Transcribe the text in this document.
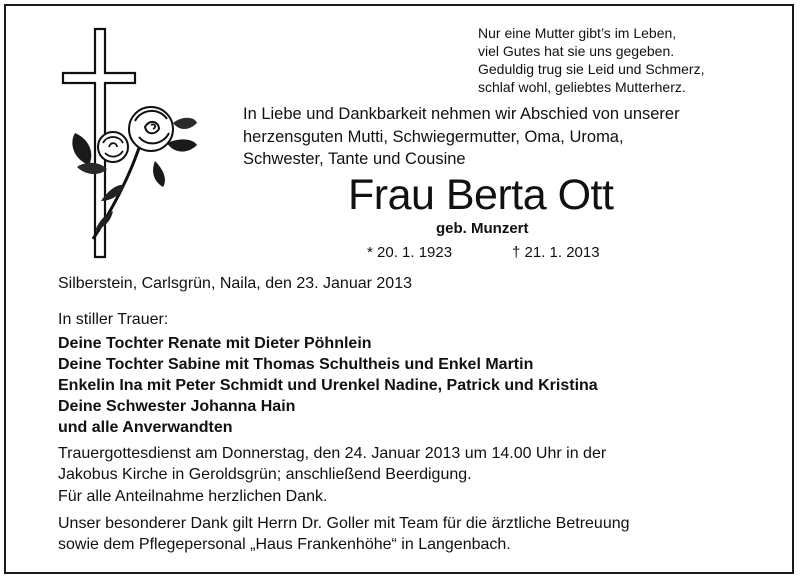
Nur eine Mutter gibt’s im Leben,
viel Gutes hat sie uns gegeben.
Geduldig trug sie Leid und Schmerz,
schlaf wohl, geliebtes Mutterherz.
In Liebe und Dankbarkeit nehmen wir Abschied von unserer
herzensguten Mutti, Schwiegermutter, Oma, Uroma,
Schwester, Tante und Cousine
Frau Berta Ott
geb. Munzert
* 20. 1. 1923	† 21. 1. 2013
Silberstein, Carlsgrün, Naila, den 23. Januar 2013
In stiller Trauer:
Deine Tochter Renate mit Dieter Pöhnlein
Deine Tochter Sabine mit Thomas Schultheis und Enkel Martin
Enkelin Ina mit Peter Schmidt und Urenkel Nadine, Patrick und Kristina
Deine Schwester Johanna Hain
und alle Anverwandten
Trauergottesdienst am Donnerstag, den 24. Januar 2013 um 14.00 Uhr in der
Jakobus Kirche in Geroldsgrün; anschließend Beerdigung.
Für alle Anteilnahme herzlichen Dank.
Unser besonderer Dank gilt Herrn Dr. Goller mit Team für die ärztliche Betreuung
sowie dem Pflegepersonal „Haus Frankenhöhe“ in Langenbach.
